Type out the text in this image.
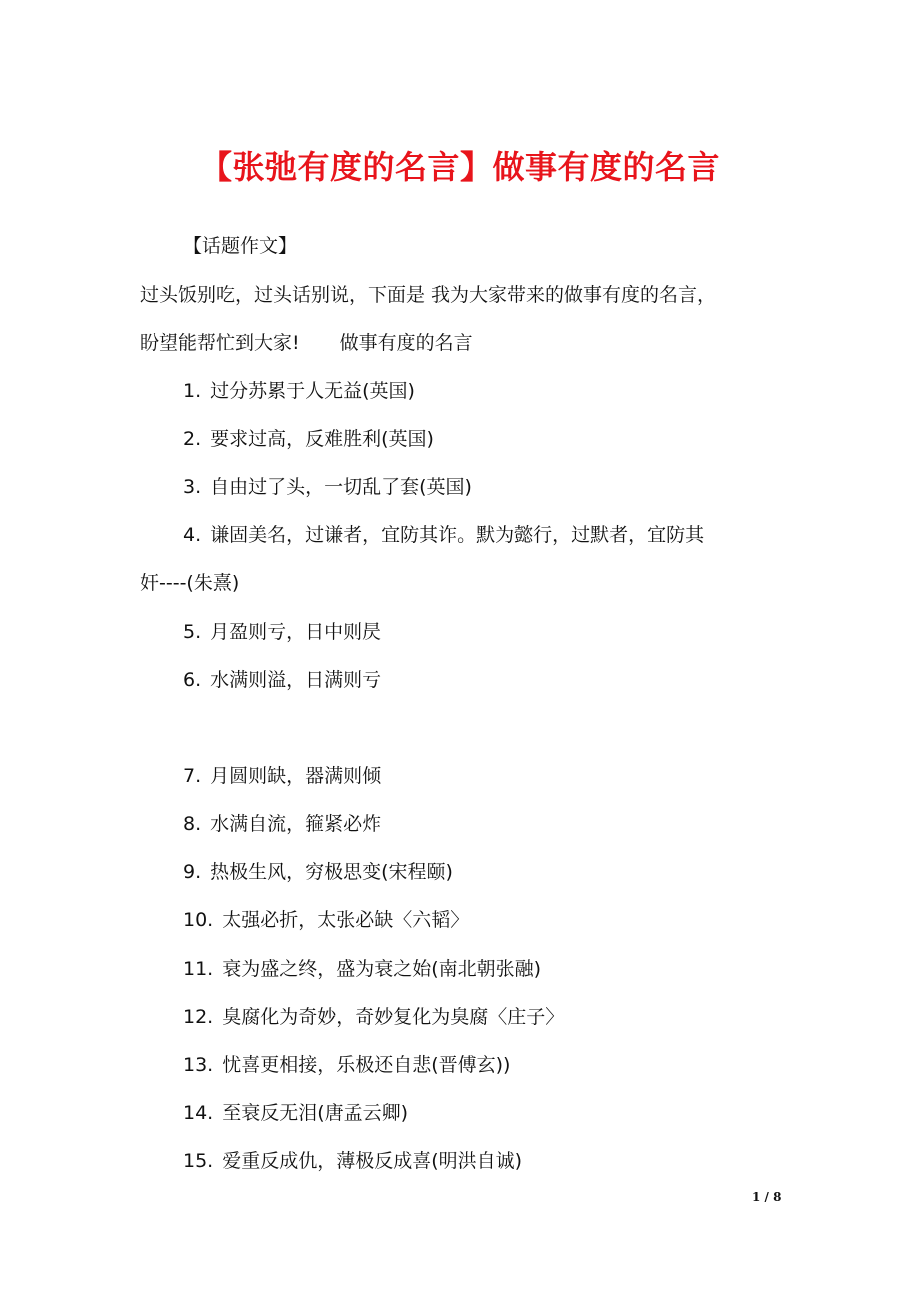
【张弛有度的名言】做事有度的名言
【话题作文】
过头饭别吃，过头话别说，下面是 我为大家带来的做事有度的名言，
盼望能帮忙到大家! 做事有度的名言
1. 过分苏累于人无益(英国)
2. 要求过高，反难胜利(英国)
3. 自由过了头，一切乱了套(英国)
4. 谦固美名，过谦者，宜防其诈。默为懿行，过默者，宜防其
奸----(朱熹)
5. 月盈则亏，日中则昃
6. 水满则溢，日满则亏
7. 月圆则缺，器满则倾
8. 水满自流，箍紧必炸
9. 热极生风，穷极思变(宋程颐)
10. 太强必折，太张必缺〈六韬〉
11. 衰为盛之终，盛为衰之始(南北朝张融)
12. 臭腐化为奇妙，奇妙复化为臭腐〈庄子〉
13. 忧喜更相接，乐极还自悲(晋傅玄))
14. 至衰反无泪(唐孟云卿)
15. 爱重反成仇，薄极反成喜(明洪自诚)
1 / 8
